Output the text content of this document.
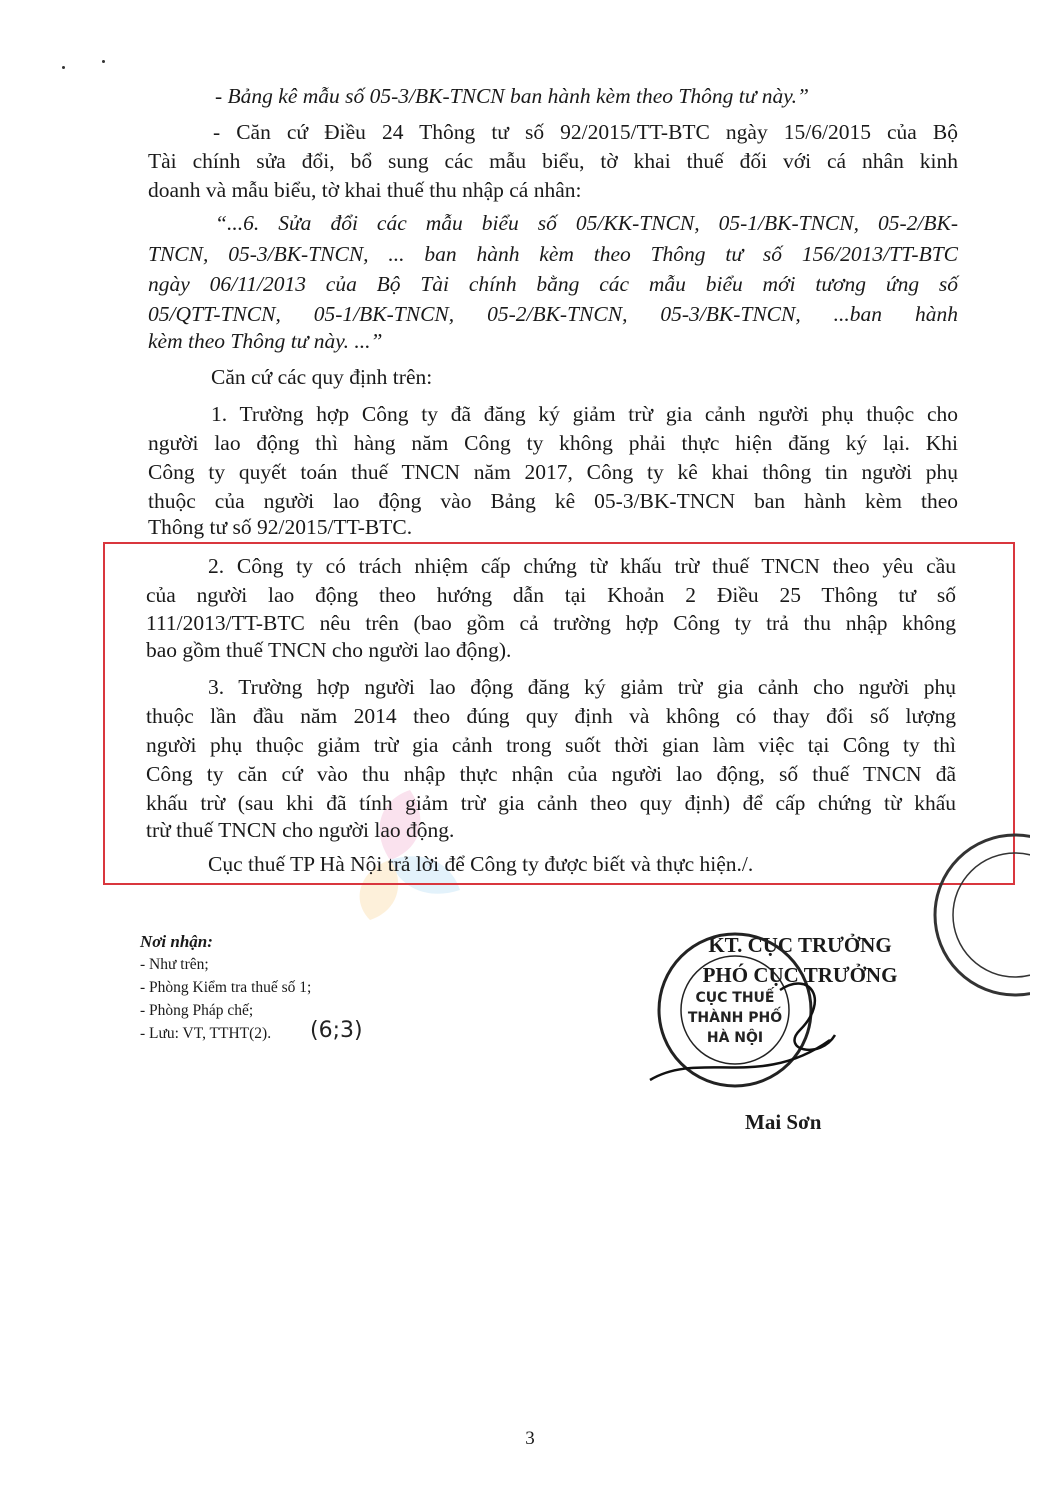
- Bảng kê mẫu số 05-3/BK-TNCN ban hành kèm theo Thông tư này.”
- Căn cứ Điều 24 Thông tư số 92/2015/TT-BTC ngày 15/6/2015 của Bộ
Tài chính sửa đổi, bổ sung các mẫu biểu, tờ khai thuế đối với cá nhân kinh
doanh và mẫu biểu, tờ khai thuế thu nhập cá nhân:
“...6. Sửa đổi các mẫu biểu số 05/KK-TNCN, 05-1/BK-TNCN, 05-2/BK-
TNCN, 05-3/BK-TNCN, ... ban hành kèm theo Thông tư số 156/2013/TT-BTC
ngày 06/11/2013 của Bộ Tài chính bằng các mẫu biểu mới tương ứng số
05/QTT-TNCN, 05-1/BK-TNCN, 05-2/BK-TNCN, 05-3/BK-TNCN, ...ban hành
kèm theo Thông tư này. ...”
Căn cứ các quy định trên:
1. Trường hợp Công ty đã đăng ký giảm trừ gia cảnh người phụ thuộc cho
người lao động thì hàng năm Công ty không phải thực hiện đăng ký lại. Khi
Công ty quyết toán thuế TNCN năm 2017, Công ty kê khai thông tin người phụ
thuộc của người lao động vào Bảng kê 05-3/BK-TNCN ban hành kèm theo
Thông tư số 92/2015/TT-BTC.
2. Công ty có trách nhiệm cấp chứng từ khấu trừ thuế TNCN theo yêu cầu
của người lao động theo hướng dẫn tại Khoản 2 Điều 25 Thông tư số
111/2013/TT-BTC nêu trên (bao gồm cả trường hợp Công ty trả thu nhập không
bao gồm thuế TNCN cho người lao động).
3. Trường hợp người lao động đăng ký giảm trừ gia cảnh cho người phụ
thuộc lần đầu năm 2014 theo đúng quy định và không có thay đổi số lượng
người phụ thuộc giảm trừ gia cảnh trong suốt thời gian làm việc tại Công ty thì
Công ty căn cứ vào thu nhập thực nhận của người lao động, số thuế TNCN đã
khấu trừ (sau khi đã tính giảm trừ gia cảnh theo quy định) để cấp chứng từ khấu
trừ thuế TNCN cho người lao động.
Cục thuế TP Hà Nội trả lời để Công ty được biết và thực hiện./.
Nơi nhận:
- Như trên;
- Phòng Kiểm tra thuế số 1;
- Phòng Pháp chế;
- Lưu: VT, TTHT(2).	(6;3)
KT. CỤC TRƯỞNG
PHÓ CỤC TRƯỞNG
CỤC THUẾ
THÀNH PHỐ
HÀ NỘI
Mai Sơn
3
